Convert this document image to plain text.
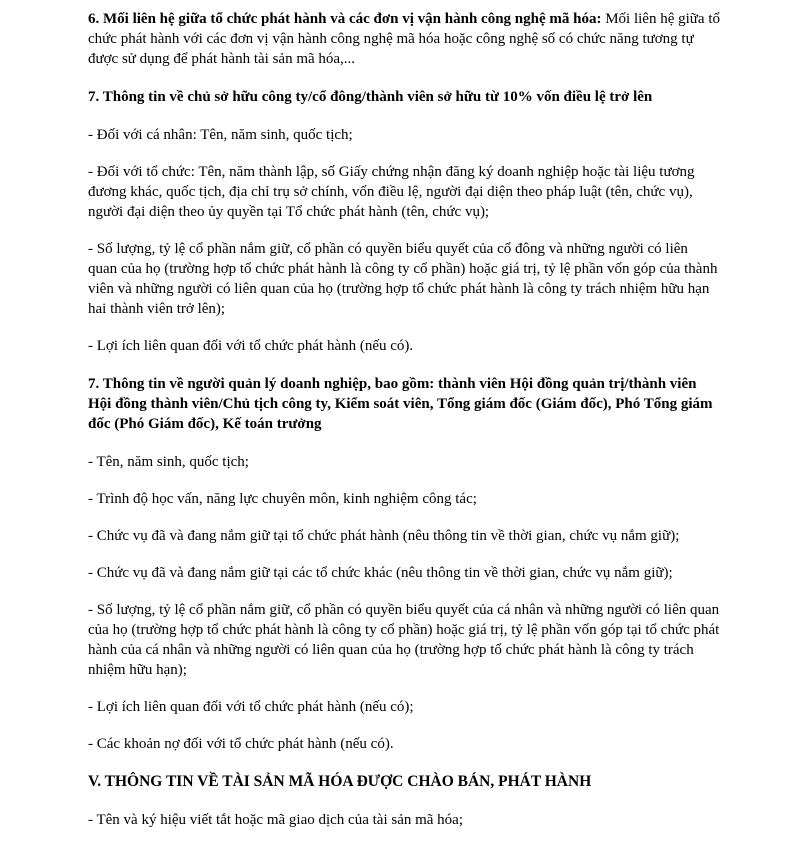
6. Mối liên hệ giữa tổ chức phát hành và các đơn vị vận hành công nghệ mã hóa: Mối liên hệ giữa tổ chức phát hành với các đơn vị vận hành công nghệ mã hóa hoặc công nghệ số có chức năng tương tự được sử dụng để phát hành tài sản mã hóa,...

7. Thông tin về chủ sở hữu công ty/cổ đông/thành viên sở hữu từ 10% vốn điều lệ trở lên

- Đối với cá nhân: Tên, năm sinh, quốc tịch;

- Đối với tổ chức: Tên, năm thành lập, số Giấy chứng nhận đăng ký doanh nghiệp hoặc tài liệu tương đương khác, quốc tịch, địa chỉ trụ sở chính, vốn điều lệ, người đại diện theo pháp luật (tên, chức vụ), người đại diện theo ủy quyền tại Tổ chức phát hành (tên, chức vụ);

- Số lượng, tỷ lệ cổ phần nắm giữ, cổ phần có quyền biểu quyết của cổ đông và những người có liên quan của họ (trường hợp tổ chức phát hành là công ty cổ phần) hoặc giá trị, tỷ lệ phần vốn góp của thành viên và những người có liên quan của họ (trường hợp tổ chức phát hành là công ty trách nhiệm hữu hạn hai thành viên trở lên);

- Lợi ích liên quan đối với tổ chức phát hành (nếu có).

7. Thông tin về người quản lý doanh nghiệp, bao gồm: thành viên Hội đồng quản trị/thành viên Hội đồng thành viên/Chủ tịch công ty, Kiểm soát viên, Tổng giám đốc (Giám đốc), Phó Tổng giám đốc (Phó Giám đốc), Kế toán trưởng

- Tên, năm sinh, quốc tịch;

- Trình độ học vấn, năng lực chuyên môn, kinh nghiệm công tác;

- Chức vụ đã và đang nắm giữ tại tổ chức phát hành (nêu thông tin về thời gian, chức vụ nắm giữ);

- Chức vụ đã và đang nắm giữ tại các tổ chức khác (nêu thông tin về thời gian, chức vụ nắm giữ);

- Số lượng, tỷ lệ cổ phần nắm giữ, cổ phần có quyền biểu quyết của cá nhân và những người có liên quan của họ (trường hợp tổ chức phát hành là công ty cổ phần) hoặc giá trị, tỷ lệ phần vốn góp tại tổ chức phát hành của cá nhân và những người có liên quan của họ (trường hợp tổ chức phát hành là công ty trách nhiệm hữu hạn);

- Lợi ích liên quan đối với tổ chức phát hành (nếu có);

- Các khoản nợ đối với tổ chức phát hành (nếu có).

V. THÔNG TIN VỀ TÀI SẢN MÃ HÓA ĐƯỢC CHÀO BÁN, PHÁT HÀNH

- Tên và ký hiệu viết tắt hoặc mã giao dịch của tài sản mã hóa;
